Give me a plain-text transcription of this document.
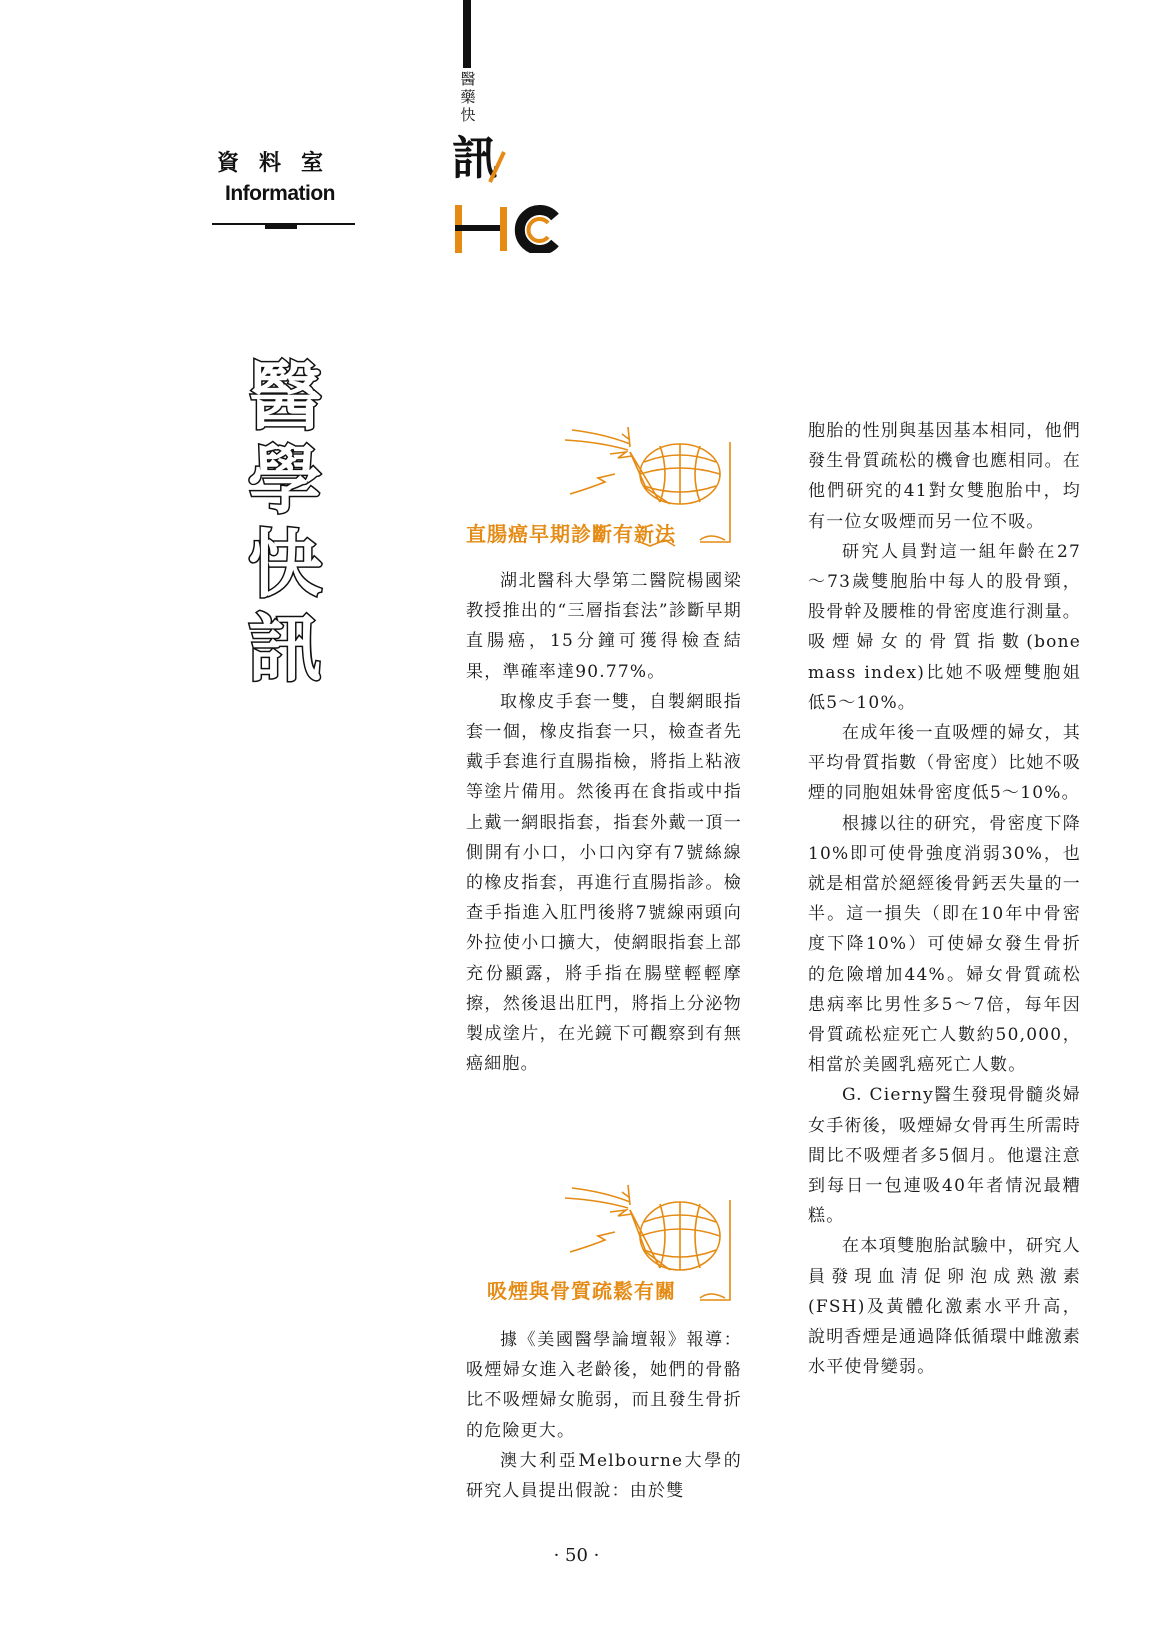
資料室
Information
醫
藥
快
訊
醫
學
快
訊
直腸癌早期診斷有新法

湖北醫科大學第二醫院楊國梁教授推出的“三層指套法”診斷早期直腸癌，15分鐘可獲得檢查結果，準確率達90.77%。

取橡皮手套一雙，自製網眼指套一個，橡皮指套一只，檢查者先戴手套進行直腸指檢，將指上粘液等塗片備用。然後再在食指或中指上戴一網眼指套，指套外戴一頂一側開有小口，小口內穿有7號絲線的橡皮指套，再進行直腸指診。檢查手指進入肛門後將7號線兩頭向外拉使小口擴大，使網眼指套上部充份顯露，將手指在腸壁輕輕摩擦，然後退出肛門，將指上分泌物製成塗片，在光鏡下可觀察到有無癌細胞。

吸煙與骨質疏鬆有關

據《美國醫學論壇報》報導：吸煙婦女進入老齡後，她們的骨骼比不吸煙婦女脆弱，而且發生骨折的危險更大。

澳大利亞Melbourne大學的研究人員提出假說：由於雙

胞胎的性別與基因基本相同，他們發生骨質疏松的機會也應相同。在他們研究的41對女雙胞胎中，均有一位女吸煙而另一位不吸。

研究人員對這一組年齡在27～73歲雙胞胎中每人的股骨頸，股骨幹及腰椎的骨密度進行測量。吸煙婦女的骨質指數(bone mass index)比她不吸煙雙胞姐 低5～10%。

在成年後一直吸煙的婦女，其平均骨質指數（骨密度）比她不吸煙的同胞姐妹骨密度低5～10%。

根據以往的研究，骨密度下降10%即可使骨強度消弱30%，也就是相當於絕經後骨鈣丟失量的一半。這一損失（即在10年中骨密度下降10%）可使婦女發生骨折的危險增加44%。婦女骨質疏松患病率比男性多5～7倍，每年因骨質疏松症死亡人數約50,000，相當於美國乳癌死亡人數。

G. Cierny醫生發現骨髓炎婦女手術後，吸煙婦女骨再生所需時間比不吸煙者多5個月。他還注意到每日一包連吸40年者情況最糟糕。

在本項雙胞胎試驗中，研究人員發現血清促卵泡成熟激素(FSH)及黃體化激素水平升高，說明香煙是通過降低循環中雌激素水平使骨變弱。

· 50 ·
